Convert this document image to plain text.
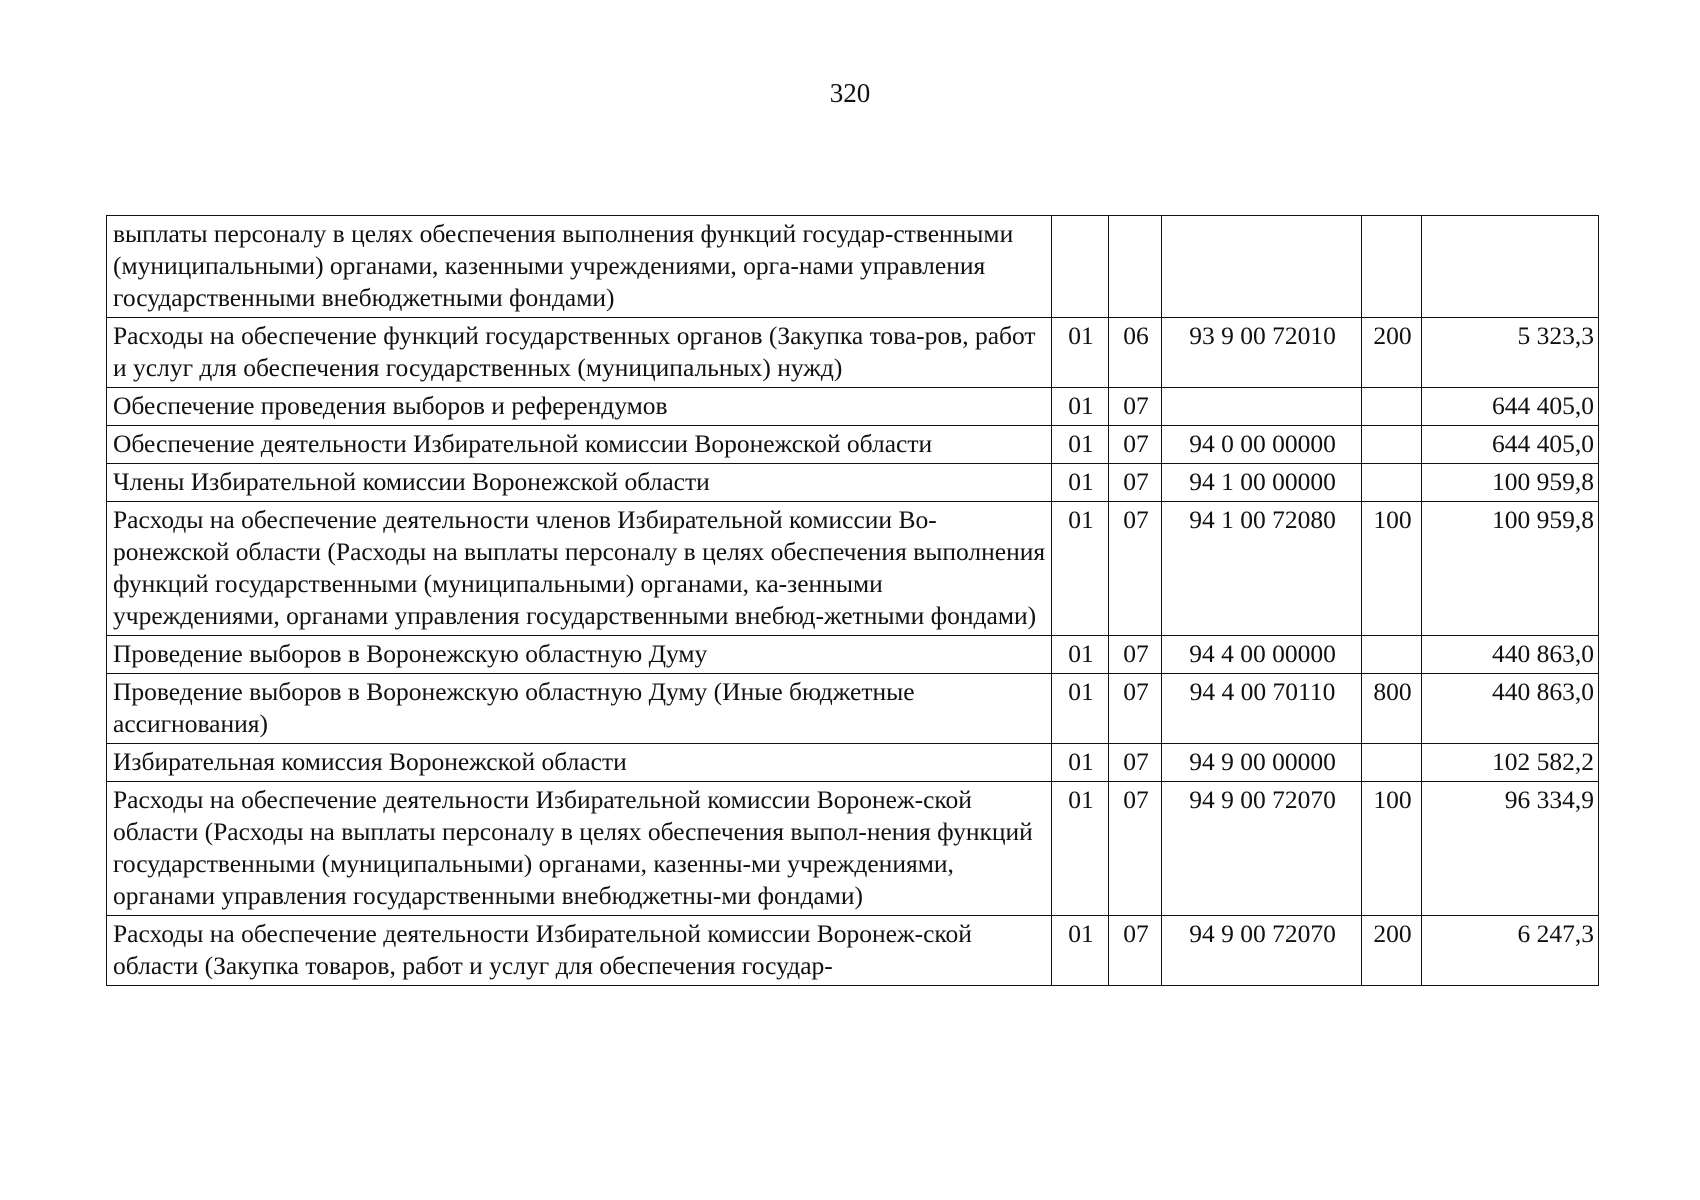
320
выплаты персоналу в целях обеспечения выполнения функций государ-ственными (муниципальными) органами, казенными учреждениями, орга-нами управления государственными внебюджетными фондами)					
Расходы на обеспечение функций государственных органов (Закупка това-ров, работ и услуг для обеспечения государственных (муниципальных) нужд)	01	06	93 9 00 72010	200	5 323,3
Обеспечение проведения выборов и референдумов	01	07			644 405,0
Обеспечение деятельности Избирательной комиссии Воронежской области	01	07	94 0 00 00000		644 405,0
Члены Избирательной комиссии Воронежской области	01	07	94 1 00 00000		100 959,8
Расходы на обеспечение деятельности членов Избирательной комиссии Во-ронежской области (Расходы на выплаты персоналу в целях обеспечения выполнения функций государственными (муниципальными) органами, ка-зенными учреждениями, органами управления государственными внебюд-жетными фондами)	01	07	94 1 00 72080	100	100 959,8
Проведение выборов в Воронежскую областную Думу	01	07	94 4 00 00000		440 863,0
Проведение выборов в Воронежскую областную Думу (Иные бюджетные ассигнования)	01	07	94 4 00 70110	800	440 863,0
Избирательная комиссия Воронежской области	01	07	94 9 00 00000		102 582,2
Расходы на обеспечение деятельности Избирательной комиссии Воронеж-ской области (Расходы на выплаты персоналу в целях обеспечения выпол-нения функций государственными (муниципальными) органами, казенны-ми учреждениями, органами управления государственными внебюджетны-ми фондами)	01	07	94 9 00 72070	100	96 334,9
Расходы на обеспечение деятельности Избирательной комиссии Воронеж-ской области (Закупка товаров, работ и услуг для обеспечения государ-	01	07	94 9 00 72070	200	6 247,3
